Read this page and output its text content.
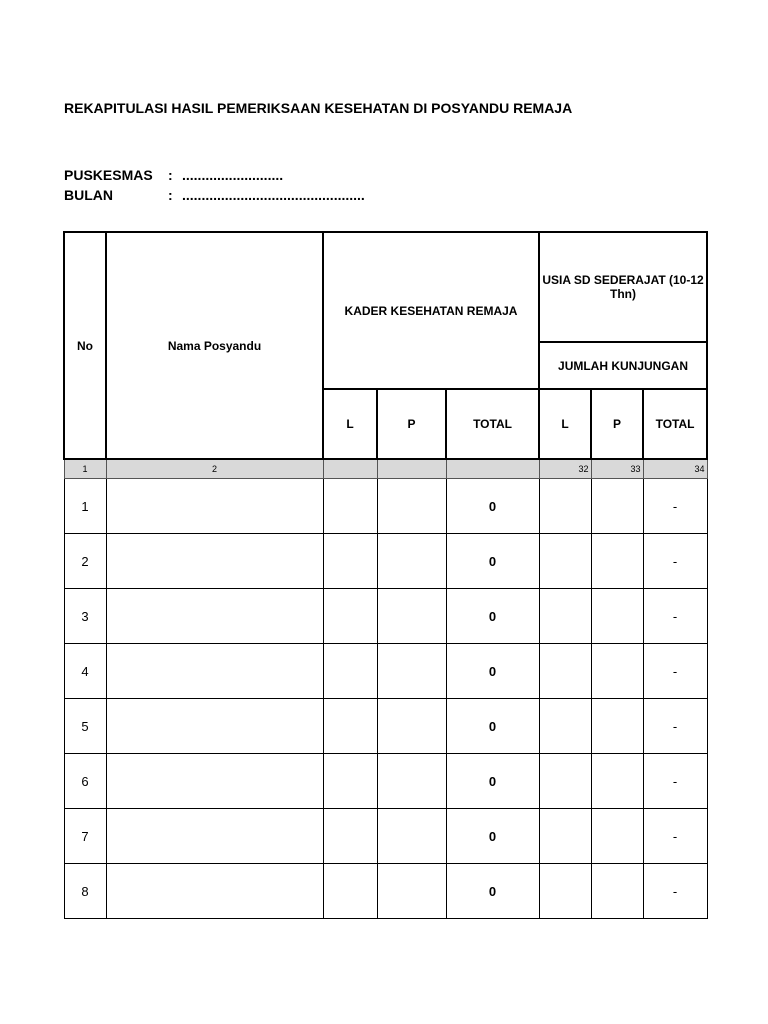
REKAPITULASI HASIL PEMERIKSAAN KESEHATAN DI POSYANDU REMAJA
PUSKESMAS : ..........................
BULAN	: ...............................................
No	Nama Posyandu	KADER KESEHATAN REMAJA			USIA SD SEDERAJAT (10-12 Thn)		
					JUMLAH KUNJUNGAN		
		L	P	TOTAL	L	P	TOTAL
1	2				32	33	34
1				0			-
2				0			-
3				0			-
4				0			-
5				0			-
6				0			-
7				0			-
8				0			-
